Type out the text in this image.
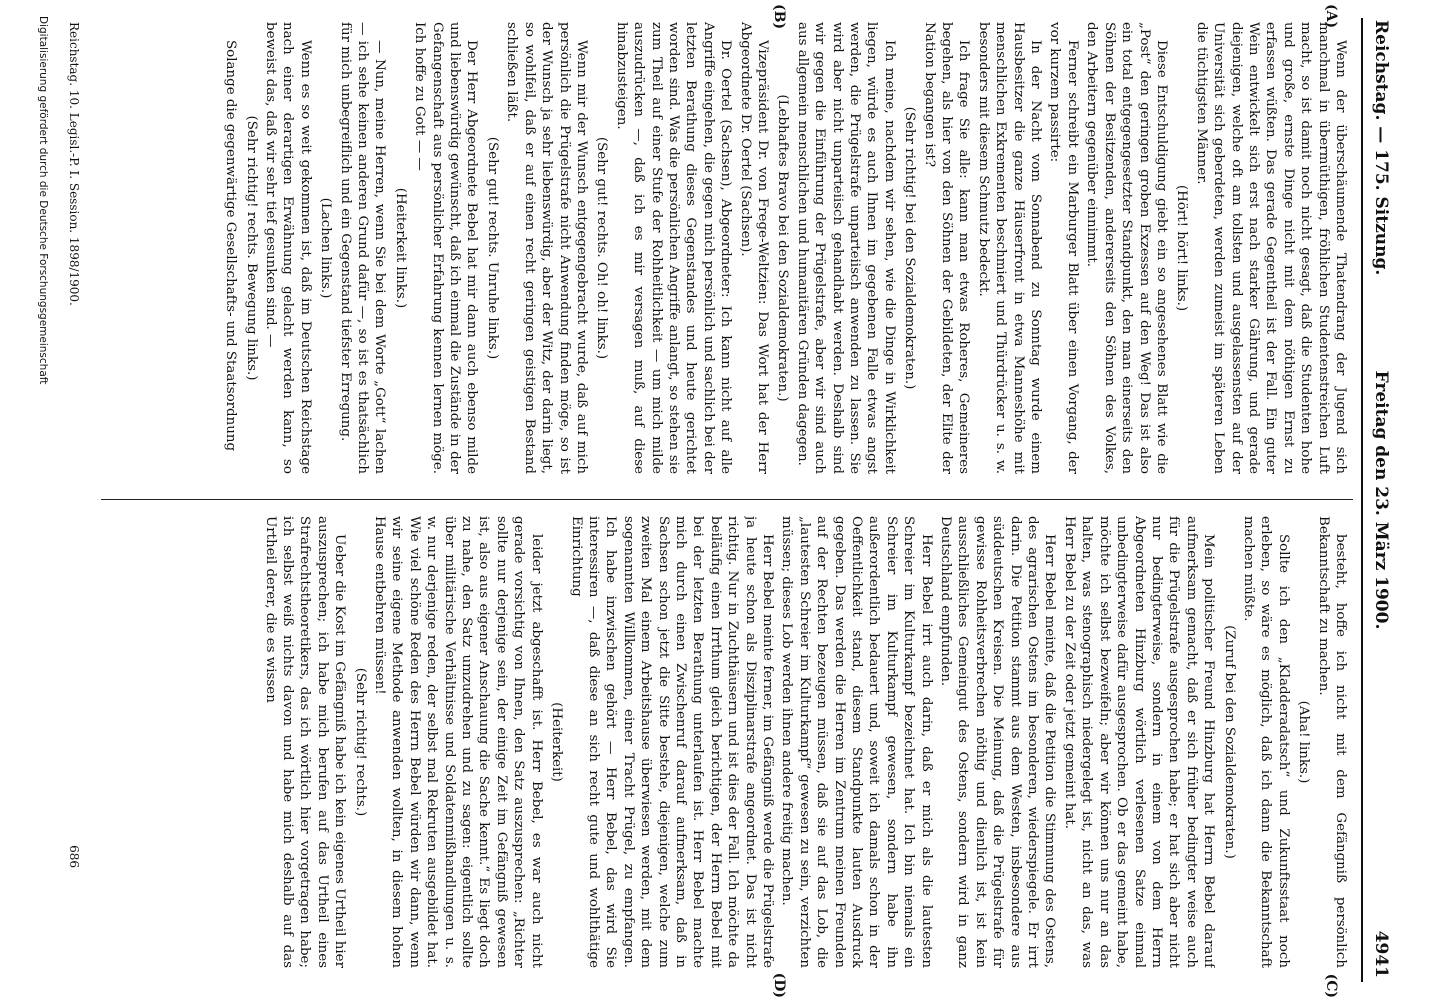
Reichstag. — 175. Sitzung.
Freitag den 23. März 1900.
4941
(A)
(B)
(C)
(D)

Wenn der überschäumende Thatendrang der Jugend sich manchmal in übermüthigen, fröhlichen Studentenstreichen Luft macht, so ist damit noch nicht gesagt, daß die Studenten hohe und große, ernste Dinge nicht mit dem nöthigen Ernst zu erfassen wüßten. Das gerade Gegentheil ist der Fall. Ein guter Wein entwickelt sich erst nach starker Gährung, und gerade diejenigen, welche oft am tollsten und ausgelassensten auf der Universität sich geberdeten, werden zumeist im späteren Leben die tüchtigsten Männer.

(Hört! hört! links.)

Diese Entschuldigung giebt ein so angesehenes Blatt wie die „Post“ den geringen groben Exzessen auf den Weg! Das ist also ein total entgegengesetzter Standpunkt, den man einerseits den Söhnen der Besitzenden, andererseits den Söhnen des Volkes, den Arbeitern gegenüber einnimmt.

Ferner schreibt ein Marburger Blatt über einen Vorgang, der vor kurzem passirte:

In der Nacht vom Sonnabend zu Sonntag wurde einem Hausbesitzer die ganze Häuserfront in etwa Manneshöhe mit menschlichen Exkrementen beschmiert und Thürdrücker u. s. w. besonders mit diesem Schmutz bedeckt.

Ich frage Sie alle: kann man etwas Roheres, Gemeineres begehen, als hier von den Söhnen der Gebildeten, der Elite der Nation begangen ist?

(Sehr richtig! bei den Sozialdemokraten.)

Ich meine, nachdem wir sehen, wie die Dinge in Wirklichkeit liegen, würde es auch Ihnen im gegebenen Falle etwas angst werden, die Prügelstrafe unparteiisch anwenden zu lassen. Sie wird aber nicht unparteiisch gehandhabt werden. Deshalb sind wir gegen die Einführung der Prügelstrafe, aber wir sind auch aus allgemein menschlichen und humanitären Gründen dagegen.

(Lebhaftes Bravo bei den Sozialdemokraten.)

Vizepräsident Dr. von Frege-Weltzien: Das Wort hat der Herr Abgeordnete Dr. Oertel (Sachsen).

Dr. Oertel (Sachsen), Abgeordneter: Ich kann nicht auf alle Angriffe eingehen, die gegen mich persönlich und sachlich bei der letzten Berathung dieses Gegenstandes und heute gerichtet worden sind. Was die persönlichen Angriffe anlangt, so stehen sie zum Theil auf einer Stufe der Rohheitlichkeit — um mich milde auszudrücken —, daß ich es mir versagen muß, auf diese hinabzusteigen.

(Sehr gut! rechts. Oh! oh! links.)

Wenn mir der Wunsch entgegengebracht wurde, daß auf mich persönlich die Prügelstrafe nicht Anwendung finden möge, so ist der Wunsch ja sehr liebenswürdig, aber der Witz, der darin liegt, so wohlfeil, daß er auf einen recht geringen geistigen Bestand schließen läßt.

(Sehr gut! rechts. Unruhe links.)

Der Herr Abgeordnete Bebel hat mir dann auch ebenso milde und liebenswürdig gewünscht, daß ich einmal die Zustände in der Gefangenschaft aus persönlicher Erfahrung kennen lernen möge. Ich hoffe zu Gott — —

(Heiterkeit links.)

— Nun, meine Herren, wenn Sie bei dem Worte „Gott“ lachen — ich sehe keinen anderen Grund dafür —, so ist es thatsächlich für mich unbegreiflich und ein Gegenstand tiefster Erregung.

(Lachen links.)

Wenn es so weit gekommen ist, daß im Deutschen Reichstage nach einer derartigen Erwähnung gelacht werden kann, so beweist das, daß wir sehr tief gesunken sind. —

(Sehr richtig! rechts. Bewegung links.)

Solange die gegenwärtige Gesellschafts- und Staatsordnung

besteht, hoffe ich nicht mit dem Gefängniß persönlich Bekanntschaft zu machen.

(Aha! links.)

Sollte ich den „Kladderadatsch“ und Zukunftsstaat noch erleben, so wäre es möglich, daß ich dann die Bekanntschaft machen müßte.

(Zuruf bei den Sozialdemokraten.)

Mein politischer Freund Hinzburg hat Herrn Bebel darauf aufmerksam gemacht, daß er sich früher bedingter weise auch für die Prügelstrafe ausgesprochen habe; er hat sich aber nicht nur bedingterweise, sondern in einem von dem Herrn Abgeordneten Hinzburg wörtlich verlesenen Satze einmal unbedingterweise dafür ausgesprochen. Ob er das gemeint habe, möchte ich selbst bezweifeln; aber wir können uns nur an das halten, was stenographisch niedergelegt ist, nicht an das, was Herr Bebel zu der Zeit oder jetzt gemeint hat.

Herr Bebel meinte, daß die Petition die Stimmung des Ostens, des agrarischen Ostens im besonderen, wiederspiegele. Er irrt darin. Die Petition stammt aus dem Westen, insbesondere aus süddeutschen Kreisen. Die Meinung, daß die Prügelstrafe für gewisse Rohheitsverbrechen nöthig und dienlich ist, ist kein ausschließliches Gemeingut des Ostens, sondern wird in ganz Deutschland empfunden.

Herr Bebel irrt auch darin, daß er mich als die lautesten Schreier im Kulturkampf bezeichnet hat. Ich bin niemals ein Schreier im Kulturkampf gewesen, sondern habe ihn außerordentlich bedauert und, soweit ich damals schon in der Oeffentlichkeit stand, diesem Standpunkte lauten Ausdruck gegeben. Das werden die Herren im Zentrum meinen Freunden auf der Rechten bezeugen müssen, daß sie auf das Lob, die „lautesten Schreier im Kulturkampf“ gewesen zu sein, verzichten müssen; dieses Lob werden ihnen andere freitig machen.

Herr Bebel meinte ferner, im Gefängniß werde die Prügelstrafe ja heute schon als Disziplinarstrafe angeordnet. Das ist nicht richtig. Nur in Zuchthäusern und ist dies der Fall. Ich möchte da beiläufig einen Irrthum gleich berichtigen, der Herrn Bebel mit bei der letzten Berathung unterlaufen ist. Herr Bebel machte mich durch einen Zwischenruf darauf aufmerksam, daß in Sachsen schon jetzt die Sitte bestehe, diejenigen, welche zum zweiten Mal einem Arbeitshause überwiesen werden, mit dem sogenannten Willkommen, einer Tracht Prügel, zu empfangen. Ich habe inzwischen gehört — Herr Bebel, das wird Sie interessiren —, daß diese an sich recht gute und wohlthätige Einrichtung

(Heiterkeit)

leider jetzt abgeschafft ist. Herr Bebel, es war auch nicht gerade vorsichtig von Ihnen, den Satz auszusprechen: „Richter sollte nur derjenige sein, der einige Zeit im Gefängniß gewesen ist, also aus eigener Anschauung die Sache kennt.“ Es liegt doch zu nahe, den Satz umzudrehen und zu sagen: eigentlich sollte über militärische Verhältnisse und Soldatenmißhandlungen u. s. w. nur derjenige reden, der selbst mal Rekruten ausgebildet hat. Wie viel schöne Reden des Herrn Bebel würden wir dann, wenn wir seine eigene Methode anwenden wollten, in diesem hohen Hause entbehren müssen!

(Sehr richtig! rechts.)

Ueber die Kost im Gefängniß habe ich kein eigenes Urtheil hier auszusprechen; ich habe mich berufen auf das Urtheil eines Strafrechtstheoretikers, das ich wörtlich hier vorgetragen habe; ich selbst weiß nichts davon und habe mich deshalb auf das Urtheil derer, die es wissen

Reichstag. 10. Legisl.-P. I. Session. 1898/1900.
686
Digitalisierung gefördert durch die Deutsche Forschungsgemeinschaft
